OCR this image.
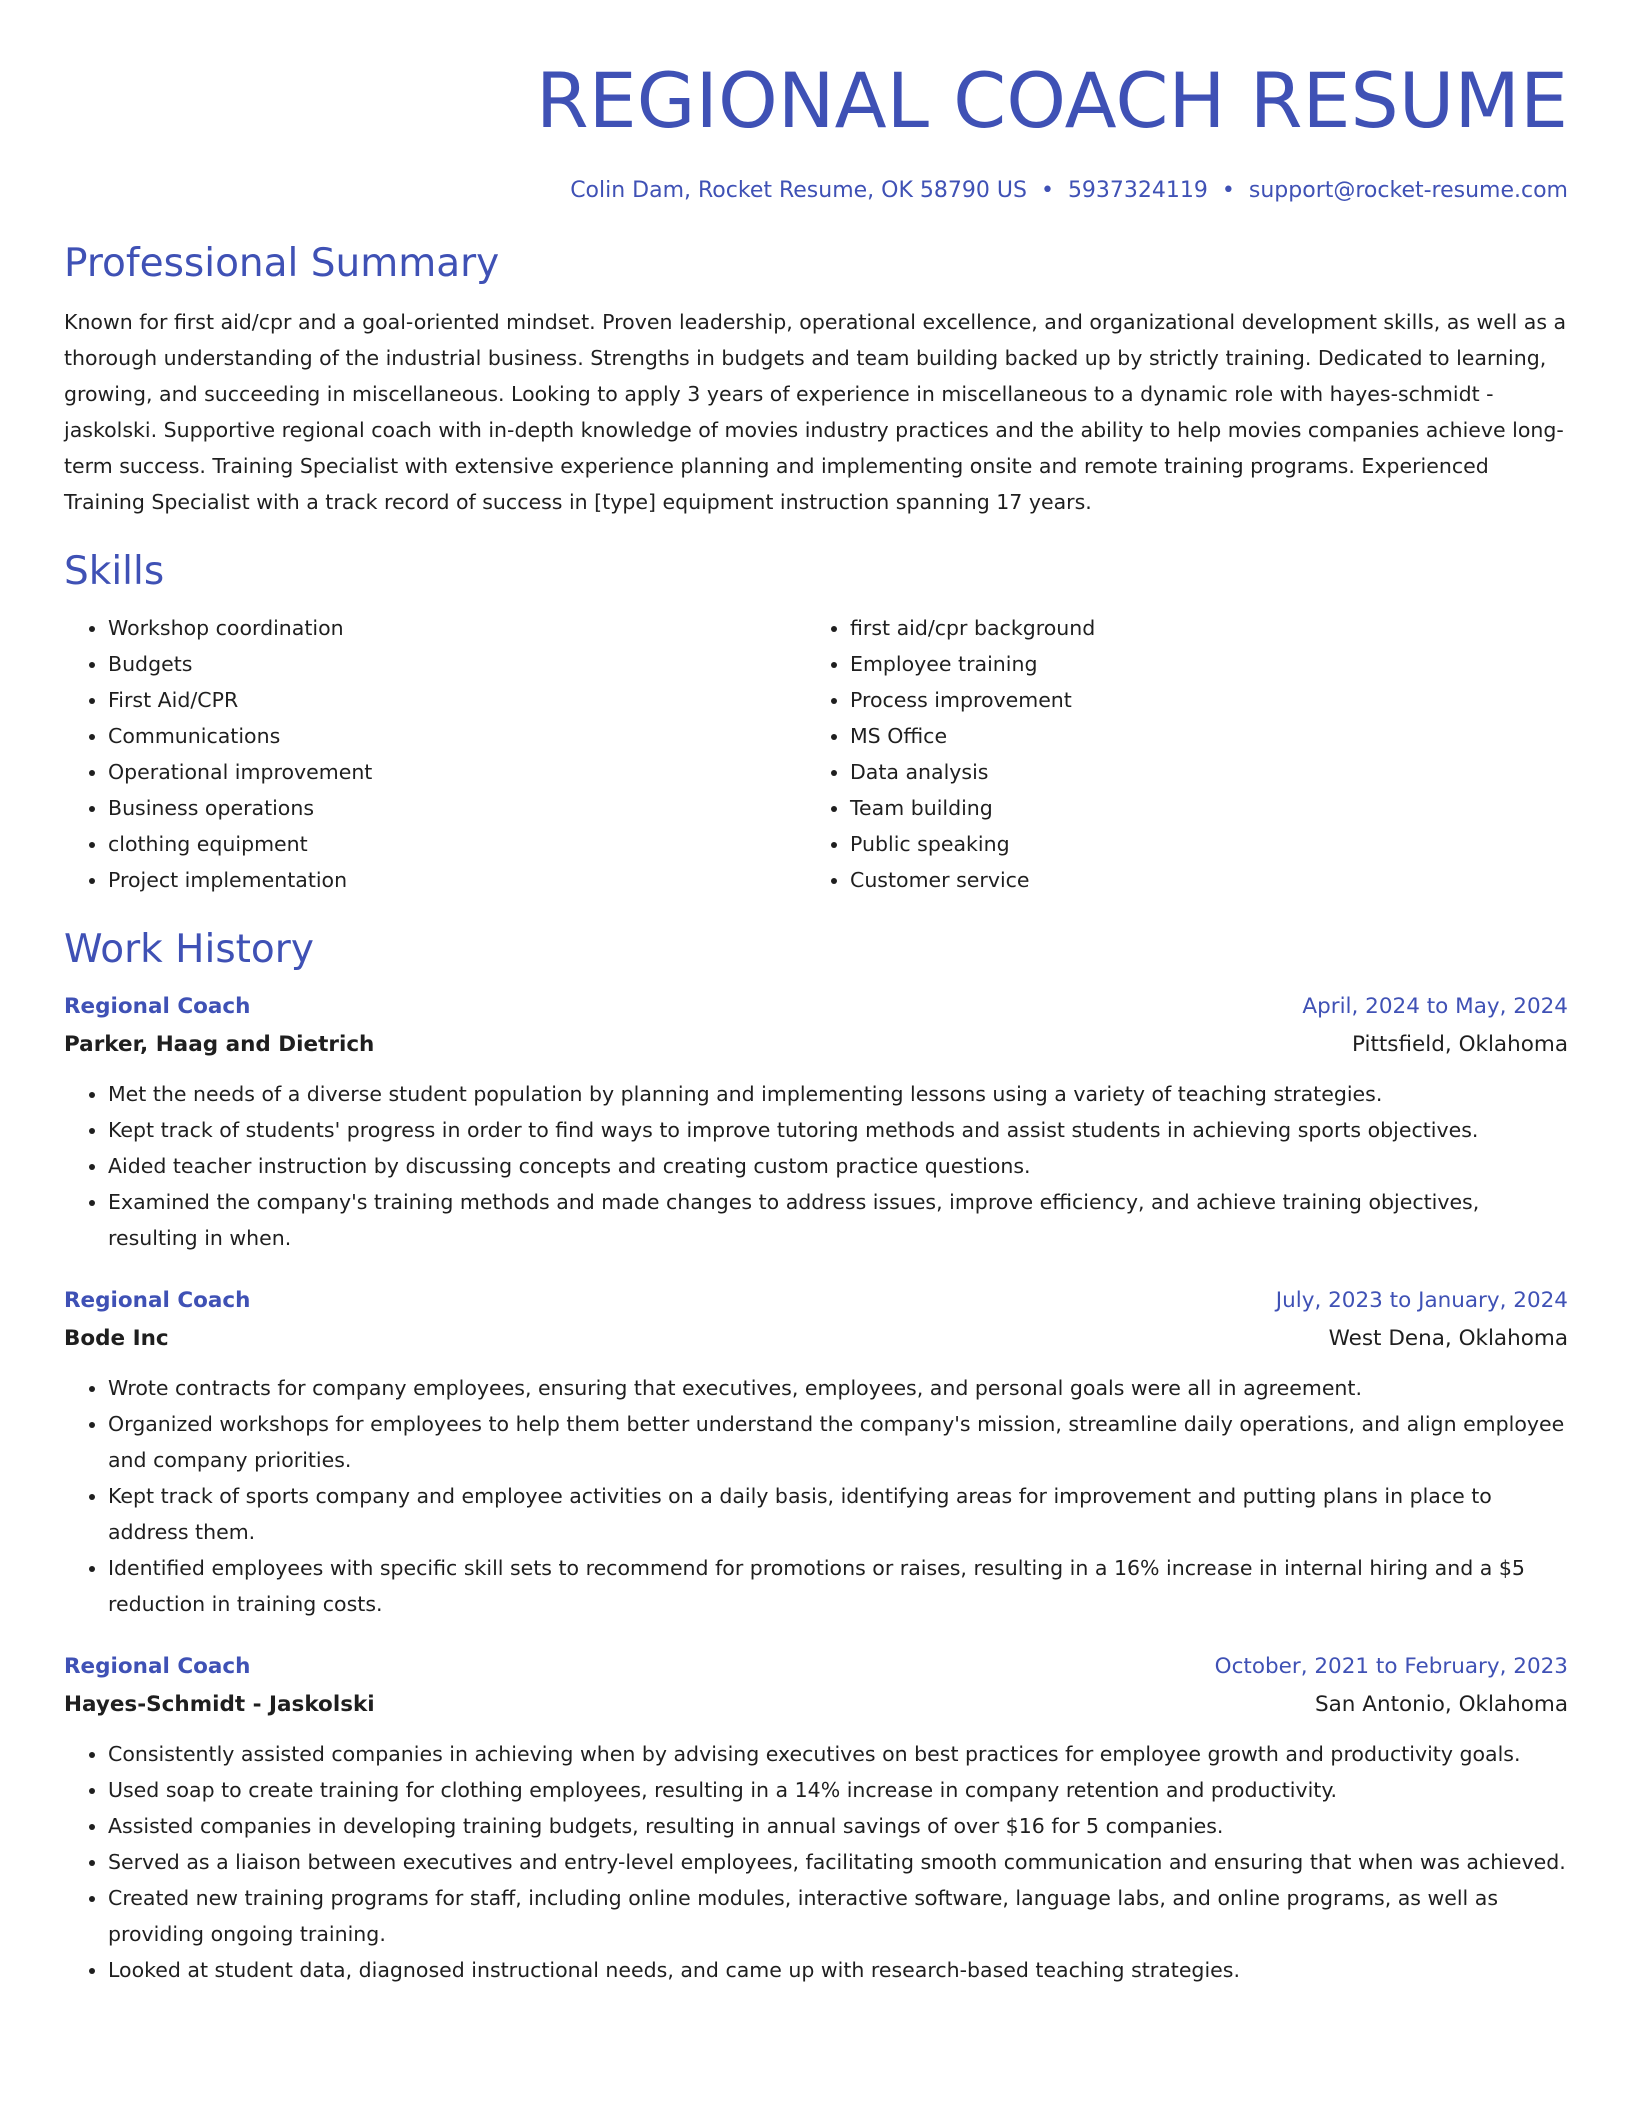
REGIONAL COACH RESUME
Colin Dam, Rocket Resume, OK 58790 US • 5937324119 • support@rocket-resume.com
Professional Summary

Known for first aid/cpr and a goal-oriented mindset. Proven leadership, operational excellence, and organizational development skills, as well as a thorough understanding of the industrial business. Strengths in budgets and team building backed up by strictly training. Dedicated to learning, growing, and succeeding in miscellaneous. Looking to apply 3 years of experience in miscellaneous to a dynamic role with hayes-schmidt - jaskolski. Supportive regional coach with in-depth knowledge of movies industry practices and the ability to help movies companies achieve long-term success. Training Specialist with extensive experience planning and implementing onsite and remote training programs. Experienced Training Specialist with a track record of success in [type] equipment instruction spanning 17 years.

Skills
• Workshop coordination
• Budgets
• First Aid/CPR
• Communications
• Operational improvement
• Business operations
• clothing equipment
• Project implementation
• first aid/cpr background
• Employee training
• Process improvement
• MS Office
• Data analysis
• Team building
• Public speaking
• Customer service
Work History
Regional Coach	April, 2024 to May, 2024
Parker, Haag and Dietrich	Pittsfield, Oklahoma
• Met the needs of a diverse student population by planning and implementing lessons using a variety of teaching strategies.
• Kept track of students' progress in order to find ways to improve tutoring methods and assist students in achieving sports objectives.
• Aided teacher instruction by discussing concepts and creating custom practice questions.
• Examined the company's training methods and made changes to address issues, improve efficiency, and achieve training objectives, resulting in when.
Regional Coach	July, 2023 to January, 2024
Bode Inc	West Dena, Oklahoma
• Wrote contracts for company employees, ensuring that executives, employees, and personal goals were all in agreement.
• Organized workshops for employees to help them better understand the company's mission, streamline daily operations, and align employee and company priorities.
• Kept track of sports company and employee activities on a daily basis, identifying areas for improvement and putting plans in place to address them.
• Identified employees with specific skill sets to recommend for promotions or raises, resulting in a 16% increase in internal hiring and a $5 reduction in training costs.
Regional Coach	October, 2021 to February, 2023
Hayes-Schmidt - Jaskolski	San Antonio, Oklahoma
• Consistently assisted companies in achieving when by advising executives on best practices for employee growth and productivity goals.
• Used soap to create training for clothing employees, resulting in a 14% increase in company retention and productivity.
• Assisted companies in developing training budgets, resulting in annual savings of over $16 for 5 companies.
• Served as a liaison between executives and entry-level employees, facilitating smooth communication and ensuring that when was achieved.
• Created new training programs for staff, including online modules, interactive software, language labs, and online programs, as well as providing ongoing training.
• Looked at student data, diagnosed instructional needs, and came up with research-based teaching strategies.
